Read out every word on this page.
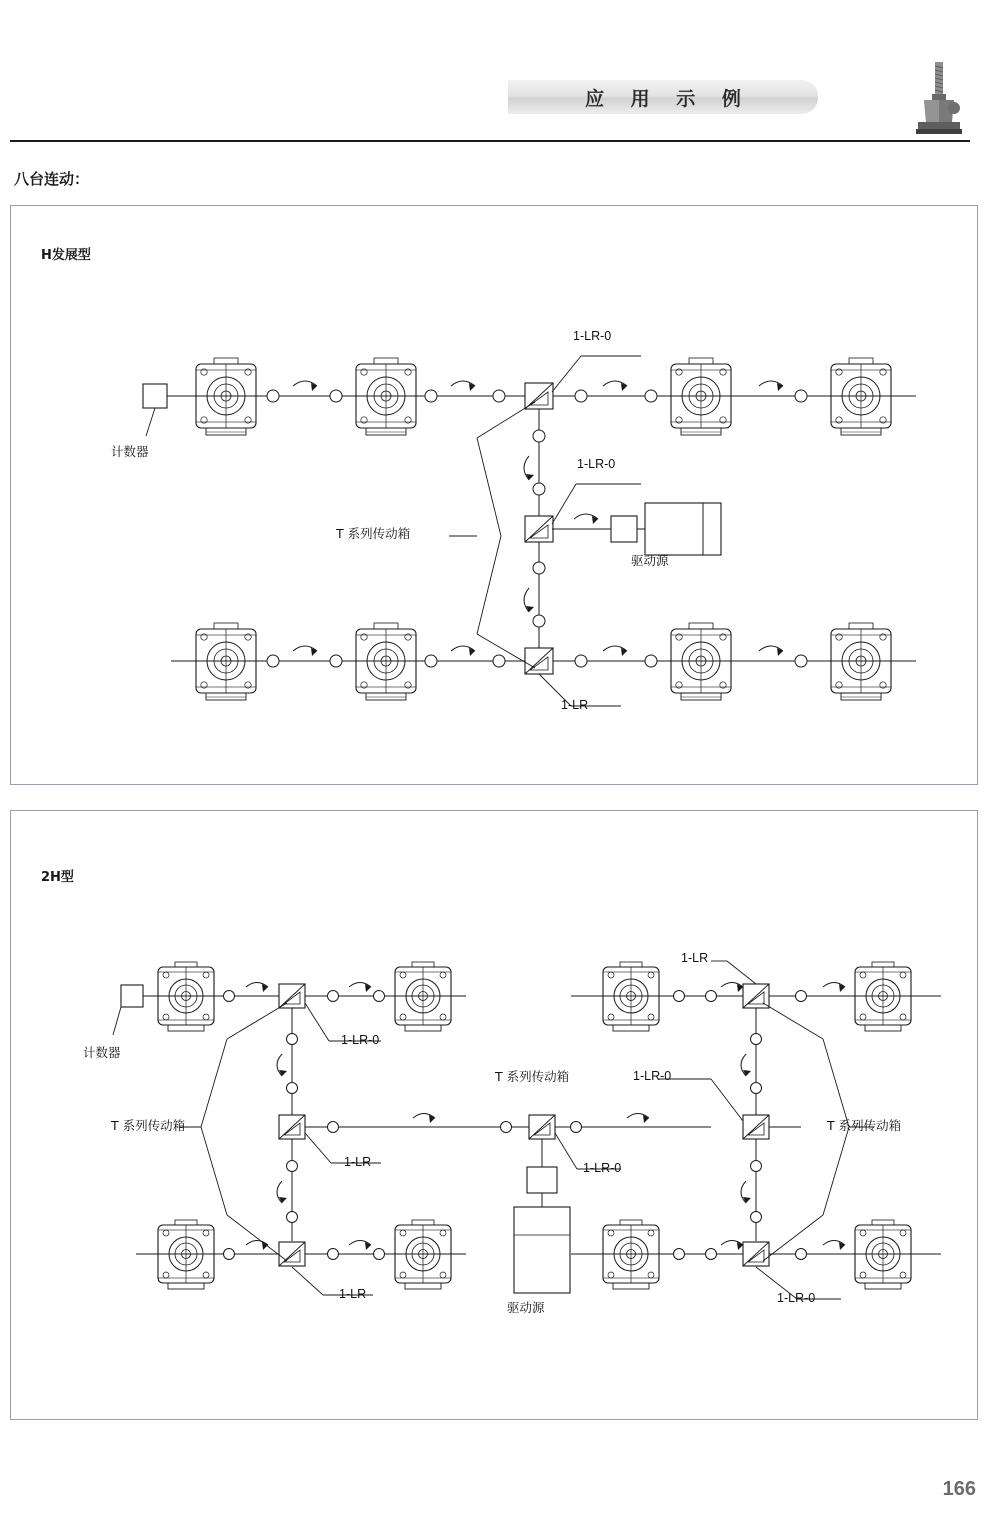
应 用 示 例
八台连动：
H发展型
计数器
1-LR-0
1-LR-0
T 系列传动箱
驱动源
1-LR
2H型
计数器
1-LR-0
T 系列传动箱
1-LR
1-LR
T 系列传动箱
1-LR-0
驱动源
1-LR
1-LR-0
T 系列传动箱
1-LR-0
166
